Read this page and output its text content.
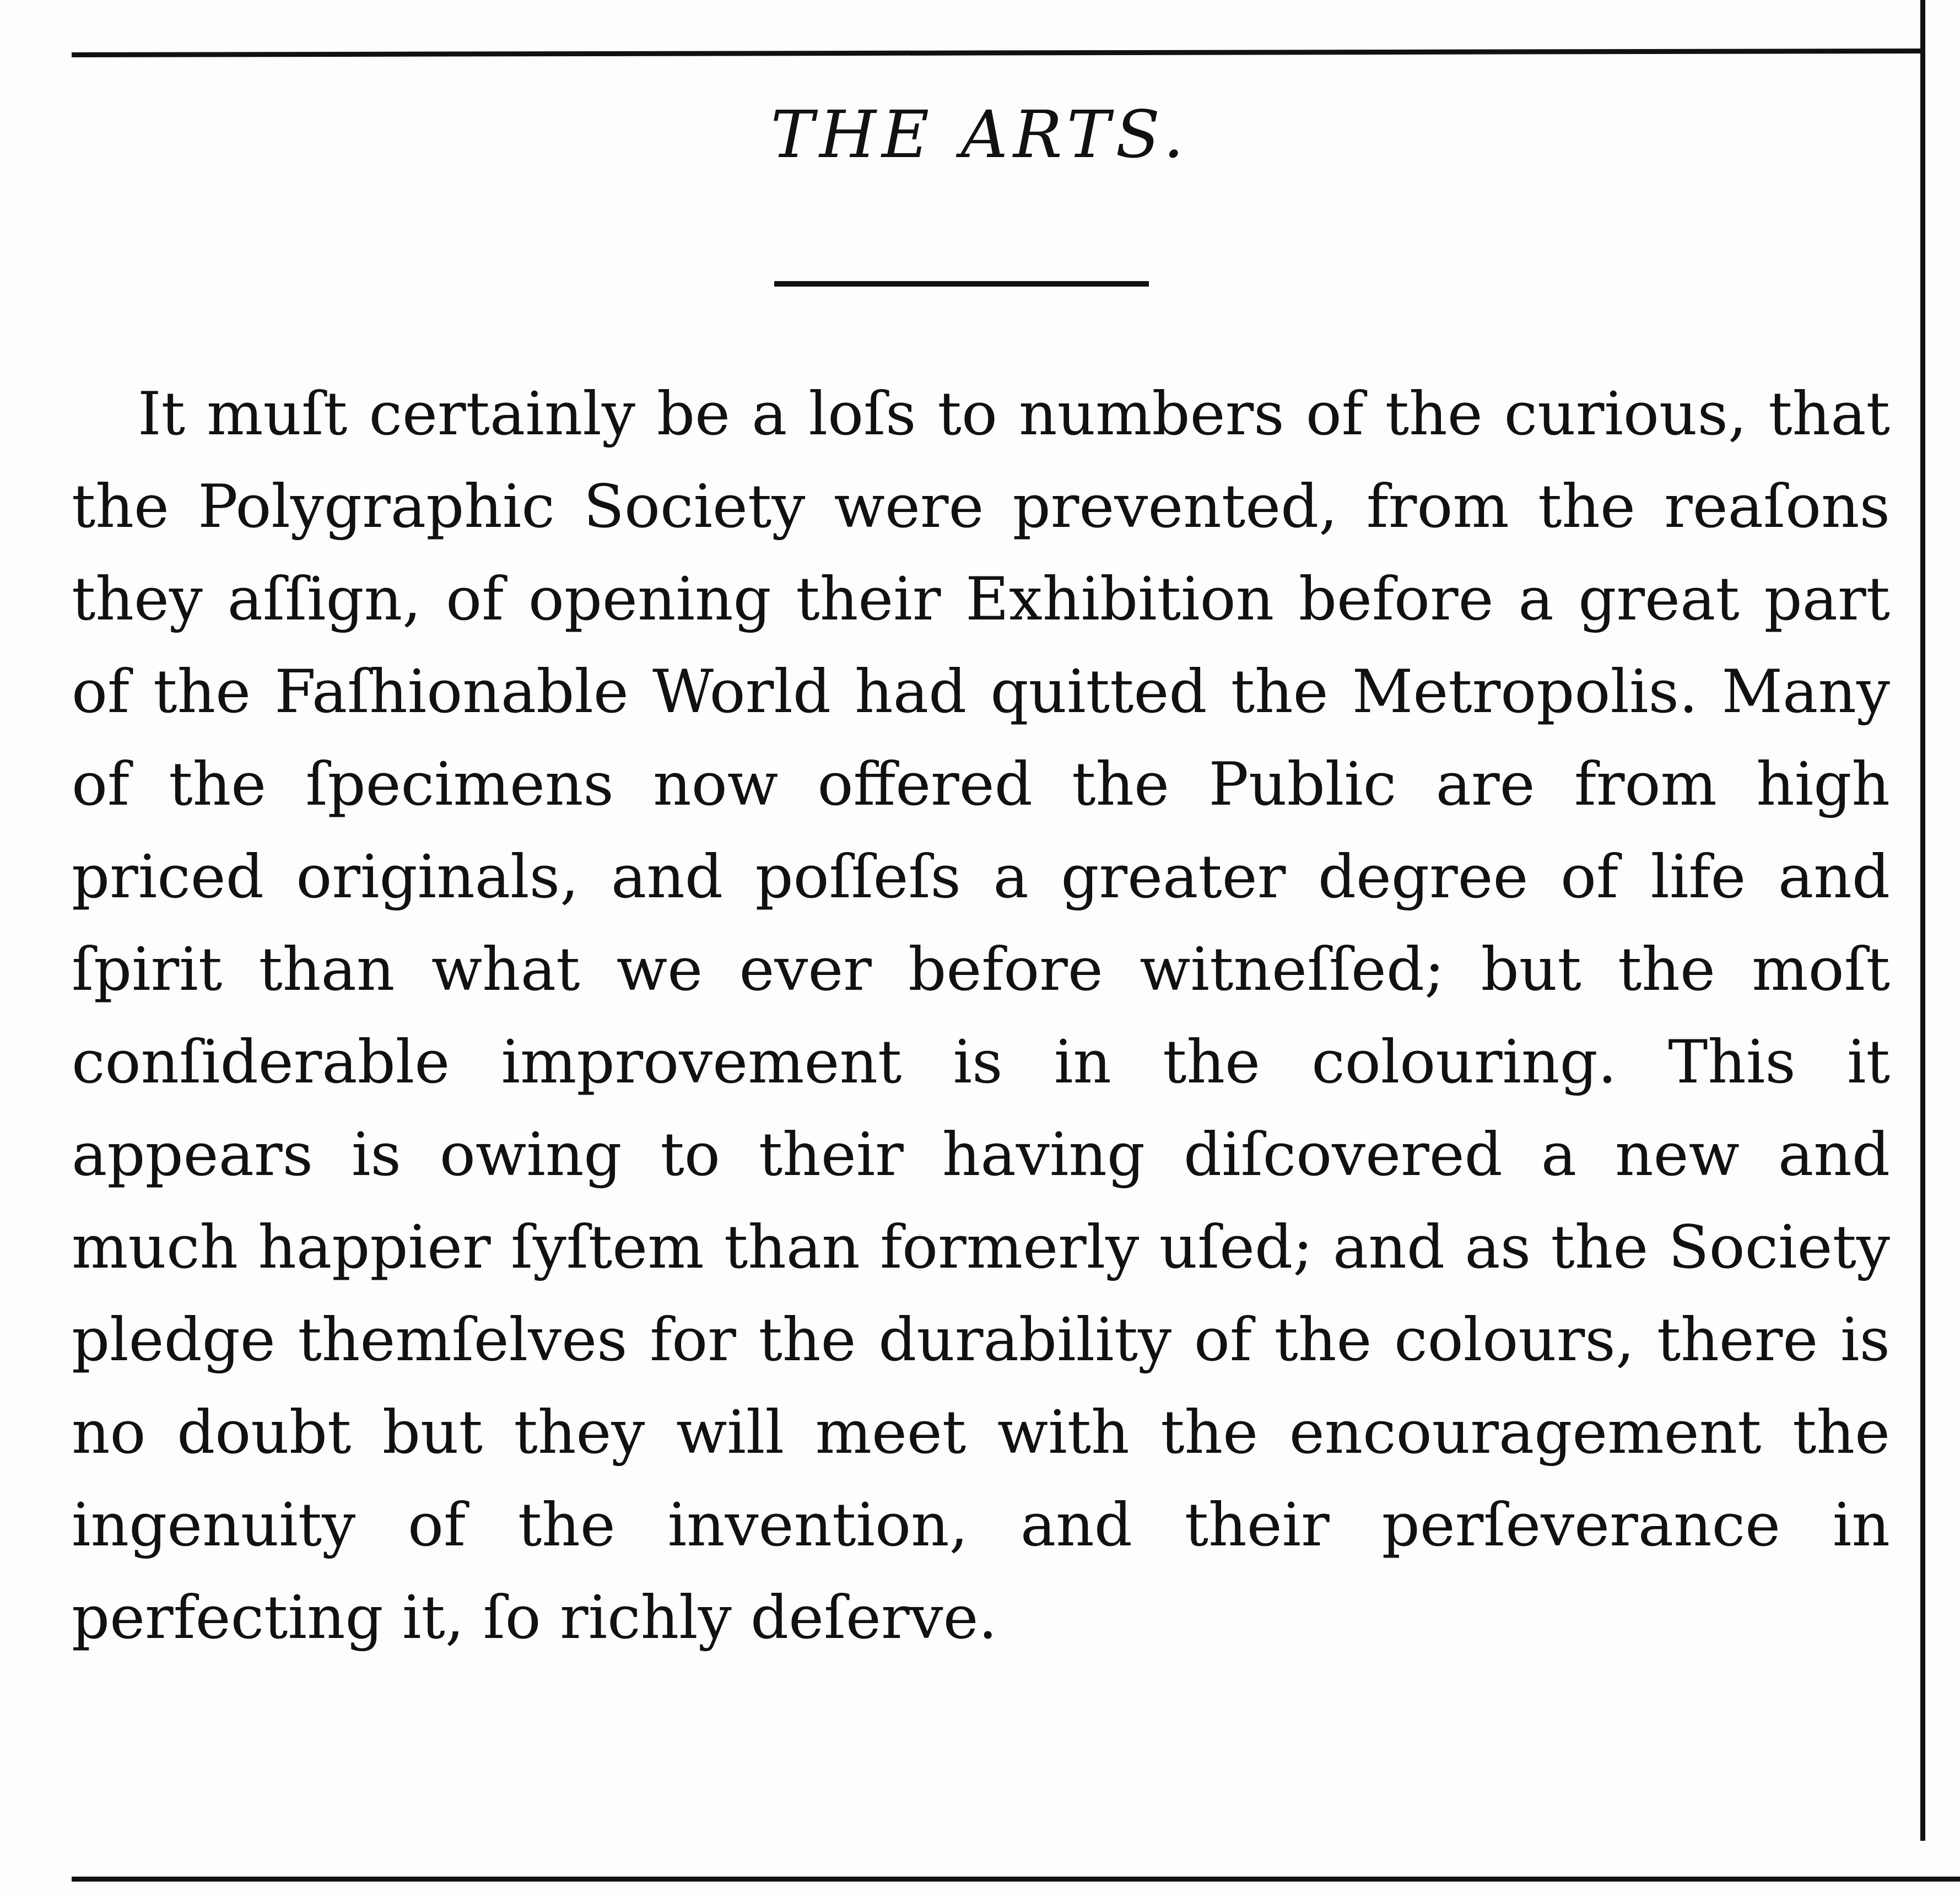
THE ARTS.

It muſt certainly be a loſs to numbers of the curious, that the Polygraphic Society were prevented, from the reaſons they aſſign, of opening their Exhibition before a great part of the Faſhionable World had quitted the Metropolis. Many of the ſpecimens now offered the Public are from high priced originals, and poſſeſs a greater degree of life and ſpirit than what we ever before witneſſed; but the moſt conſiderable improvement is in the colouring. This it appears is owing to their having diſcovered a new and much happier ſyſtem than formerly uſed; and as the Society pledge themſelves for the durability of the colours, there is no doubt but they will meet with the encouragement the ingenuity of the invention, and their perſeverance in perfecting it, ſo richly deſerve.
